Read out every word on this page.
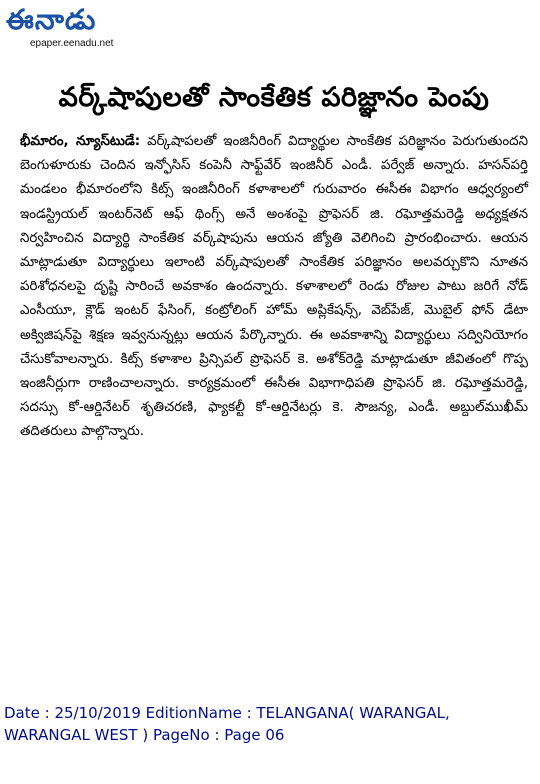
ఈనాడు
epaper.eenadu.net
వర్క్‌షాపులతో సాంకేతిక పరిజ్ఞానం పెంపు

భీమారం, న్యూస్‌టుడే: వర్క్‌షాపలతో ఇంజినీరింగ్ విద్యార్థుల సాంకేతిక పరిజ్ఞానం పెరుగుతుందని బెంగుళూరుకు చెందిన ఇన్ఫోసిస్ కంపెనీ సాఫ్ట్‌వేర్ ఇంజినీర్ ఎండీ. పర్వేజ్ అన్నారు. హసన్‌పర్తి మండలం భీమారంలోని కిట్స్ ఇంజినీరింగ్ కళాశాలలో గురువారం ఈసీఈ విభాగం ఆధ్వర్యంలో ఇండస్ట్రియల్ ఇంటర్‌నెట్ ఆఫ్ థింగ్స్ అనే అంశంపై ప్రొఫెసర్ జి. రఘోత్తమరెడ్డి అధ్యక్షతన నిర్వహించిన విద్యార్థి సాంకేతిక వర్క్‌షాపును ఆయన జ్యోతి వెలిగించి ప్రారంభించారు. ఆయన మాట్లాడుతూ విద్యార్థులు ఇలాంటి వర్క్‌షాపులతో సాంకేతిక పరిజ్ఞానం అలవర్చుకొని నూతన పరిశోధనలపై దృష్టి సారించే అవకాశం ఉందన్నారు. కళాశాలలో రెండు రోజుల పాటు జరిగే నోడ్ ఎంసీయూ, క్లౌడ్ ఇంటర్ ఫేసింగ్, కంట్రోలింగ్ హోమ్ అప్లికేషన్స్, వెబ్‌పేజ్, మొబైల్ ఫోన్ డేటా అక్విజిషన్‌పై శిక్షణ ఇవ్వనున్నట్లు ఆయన పేర్కొన్నారు. ఈ అవకాశాన్ని విద్యార్థులు సద్వినియోగం చేసుకోవాలన్నారు. కిట్స్ కళాశాల ప్రిన్సిపల్ ప్రొఫెసర్ కె. అశోక్‌రెడ్డి మాట్లాడుతూ జీవితంలో గొప్ప ఇంజినీర్లుగా రాణించాలన్నారు. కార్యక్రమంలో ఈసీఈ విభాగాధిపతి ప్రొఫెసర్ జి. రఘోత్తమరెడ్డి, సదస్సు కో-ఆర్డినేటర్ శృతిచరణి, ఫ్యాకల్టీ కో-ఆర్డినేటర్లు కె. సౌజన్య, ఎండీ. అబ్దుల్‌ముఖీమ్ తదితరులు పాల్గొన్నారు.

Date : 25/10/2019 EditionName : TELANGANA( WARANGAL,
WARANGAL WEST ) PageNo : Page 06
